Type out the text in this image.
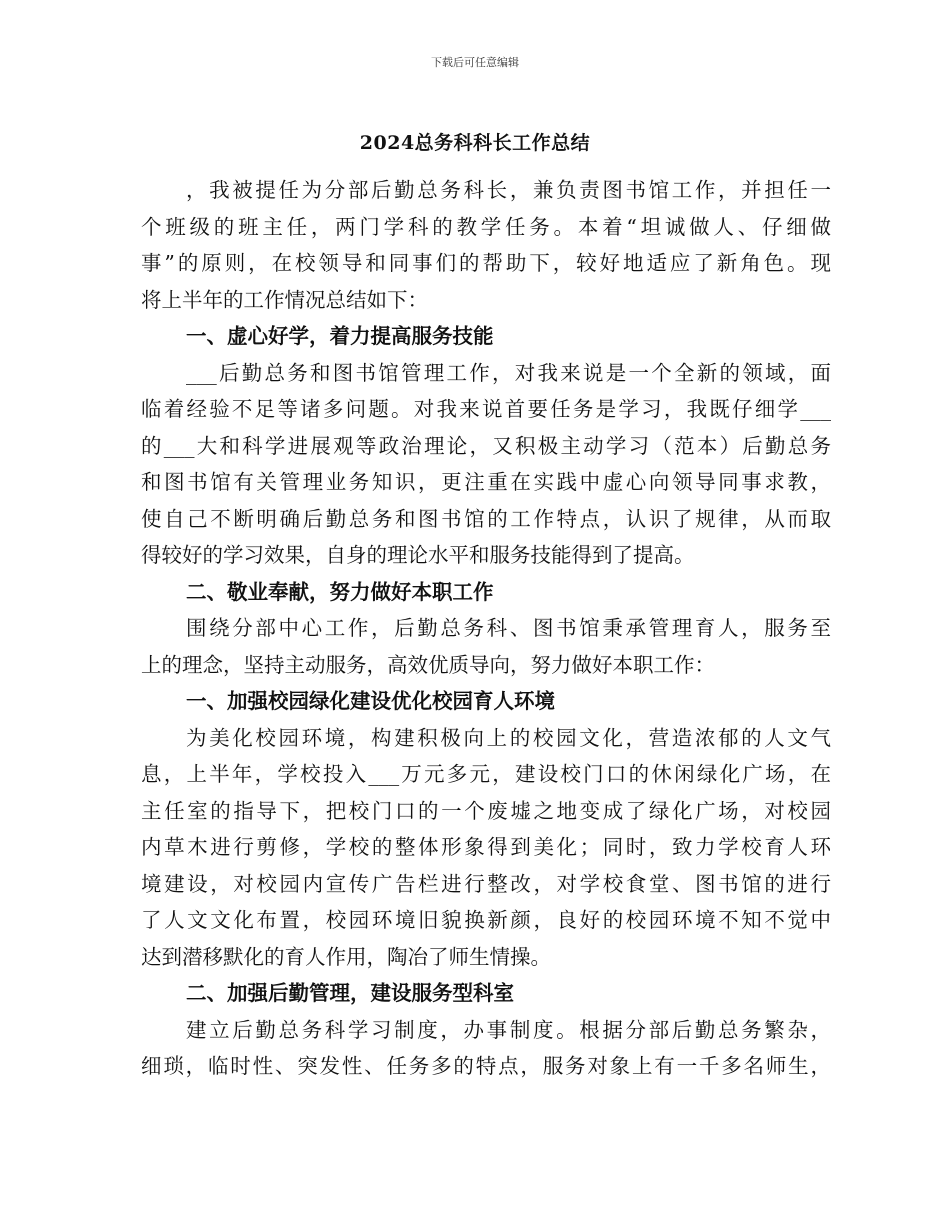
下载后可任意编辑
2024总务科科长工作总结
，我被提任为分部后勤总务科长，兼负责图书馆工作，并担任一
个班级的班主任，两门学科的教学任务。本着“坦诚做人、仔细做
事”的原则，在校领导和同事们的帮助下，较好地适应了新角色。现
将上半年的工作情况总结如下：
一、虚心好学，着力提高服务技能
___后勤总务和图书馆管理工作，对我来说是一个全新的领域，面
临着经验不足等诸多问题。对我来说首要任务是学习，我既仔细学___
的___大和科学进展观等政治理论，又积极主动学习（范本）后勤总务
和图书馆有关管理业务知识，更注重在实践中虚心向领导同事求教，
使自己不断明确后勤总务和图书馆的工作特点，认识了规律，从而取
得较好的学习效果，自身的理论水平和服务技能得到了提高。
二、敬业奉献，努力做好本职工作
围绕分部中心工作，后勤总务科、图书馆秉承管理育人，服务至
上的理念，坚持主动服务，高效优质导向，努力做好本职工作：
一、加强校园绿化建设优化校园育人环境
为美化校园环境，构建积极向上的校园文化，营造浓郁的人文气
息，上半年，学校投入___万元多元，建设校门口的休闲绿化广场，在
主任室的指导下，把校门口的一个废墟之地变成了绿化广场，对校园
内草木进行剪修，学校的整体形象得到美化；同时，致力学校育人环
境建设，对校园内宣传广告栏进行整改，对学校食堂、图书馆的进行
了人文文化布置，校园环境旧貌换新颜，良好的校园环境不知不觉中
达到潜移默化的育人作用，陶冶了师生情操。
二、加强后勤管理，建设服务型科室
建立后勤总务科学习制度，办事制度。根据分部后勤总务繁杂，
细琐，临时性、突发性、任务多的特点，服务对象上有一千多名师生，
